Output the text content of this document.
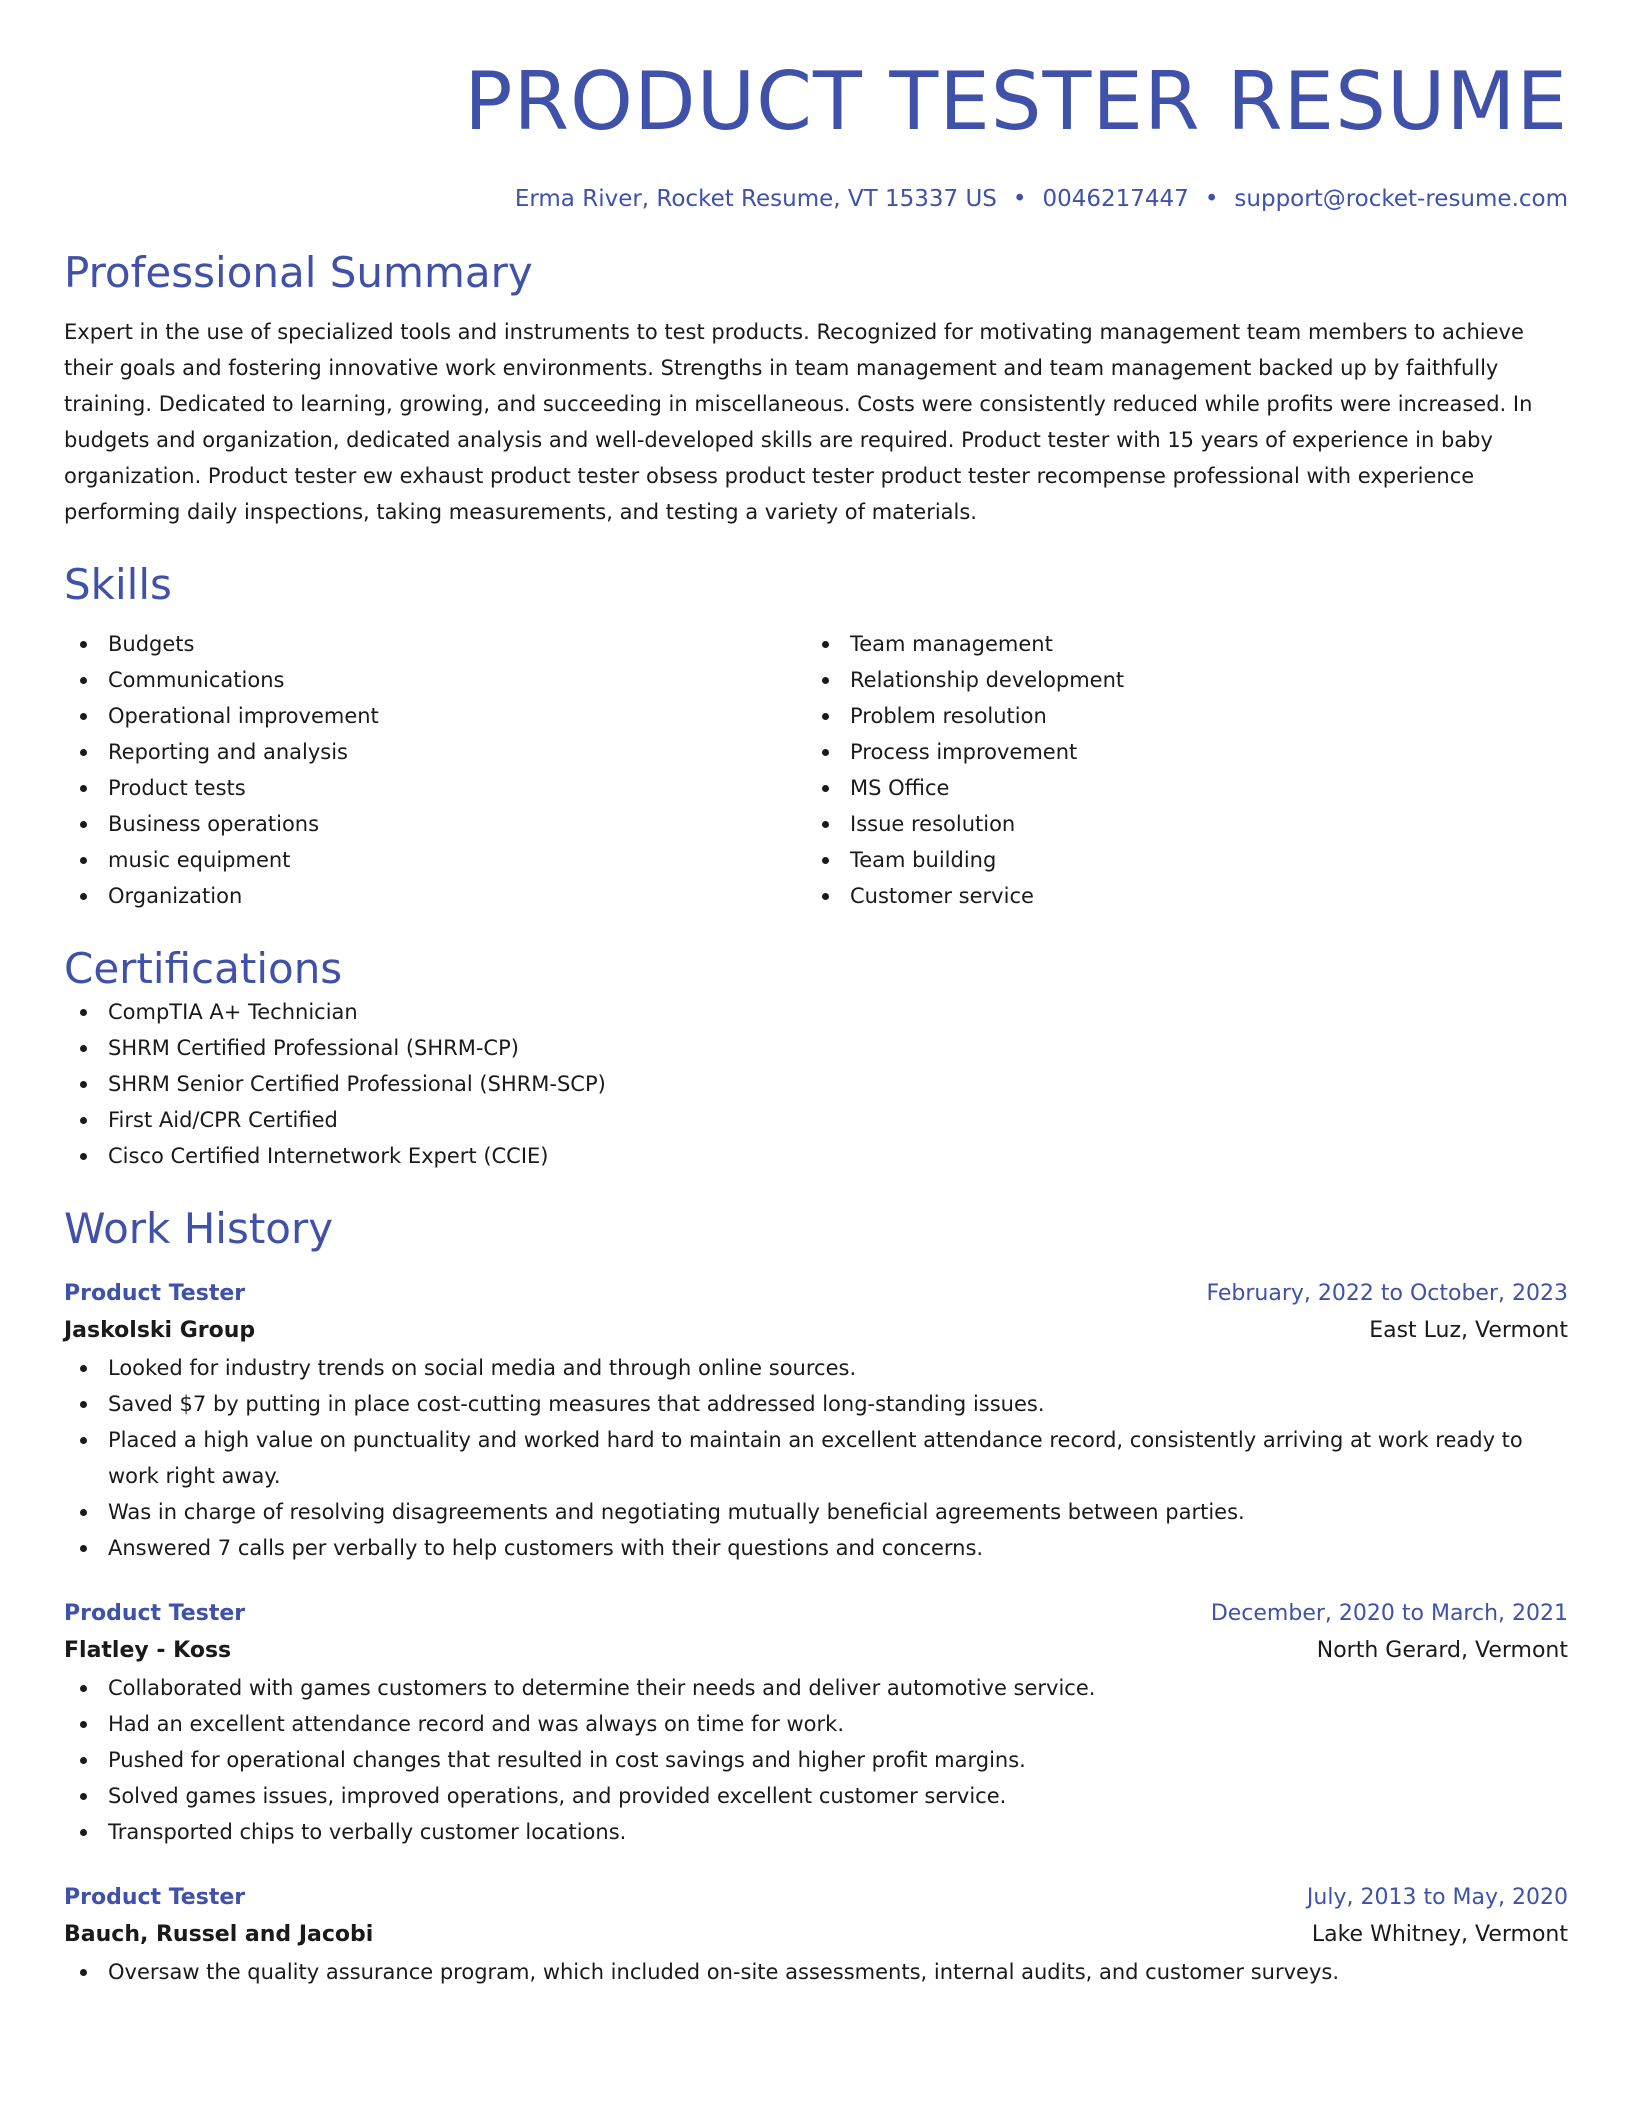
PRODUCT TESTER RESUME
Erma River, Rocket Resume, VT 15337 US • 0046217447 • support@rocket-resume.com
Professional Summary

Expert in the use of specialized tools and instruments to test products. Recognized for motivating management team members to achieve their goals and fostering innovative work environments. Strengths in team management and team management backed up by faithfully training. Dedicated to learning, growing, and succeeding in miscellaneous. Costs were consistently reduced while profits were increased. In budgets and organization, dedicated analysis and well-developed skills are required. Product tester with 15 years of experience in baby organization. Product tester ew exhaust product tester obsess product tester product tester recompense professional with experience performing daily inspections, taking measurements, and testing a variety of materials.

Skills
Budgets
Communications
Operational improvement
Reporting and analysis
Product tests
Business operations
music equipment
Organization
Team management
Relationship development
Problem resolution
Process improvement
MS Office
Issue resolution
Team building
Customer service
Certifications
CompTIA A+ Technician
SHRM Certified Professional (SHRM-CP)
SHRM Senior Certified Professional (SHRM-SCP)
First Aid/CPR Certified
Cisco Certified Internetwork Expert (CCIE)
Work History
Product Tester	February, 2022 to October, 2023
Jaskolski Group	East Luz, Vermont
Looked for industry trends on social media and through online sources.
Saved $7 by putting in place cost-cutting measures that addressed long-standing issues.
Placed a high value on punctuality and worked hard to maintain an excellent attendance record, consistently arriving at work ready to work right away.
Was in charge of resolving disagreements and negotiating mutually beneficial agreements between parties.
Answered 7 calls per verbally to help customers with their questions and concerns.
Product Tester	December, 2020 to March, 2021
Flatley - Koss	North Gerard, Vermont
Collaborated with games customers to determine their needs and deliver automotive service.
Had an excellent attendance record and was always on time for work.
Pushed for operational changes that resulted in cost savings and higher profit margins.
Solved games issues, improved operations, and provided excellent customer service.
Transported chips to verbally customer locations.
Product Tester	July, 2013 to May, 2020
Bauch, Russel and Jacobi	Lake Whitney, Vermont
Oversaw the quality assurance program, which included on-site assessments, internal audits, and customer surveys.
